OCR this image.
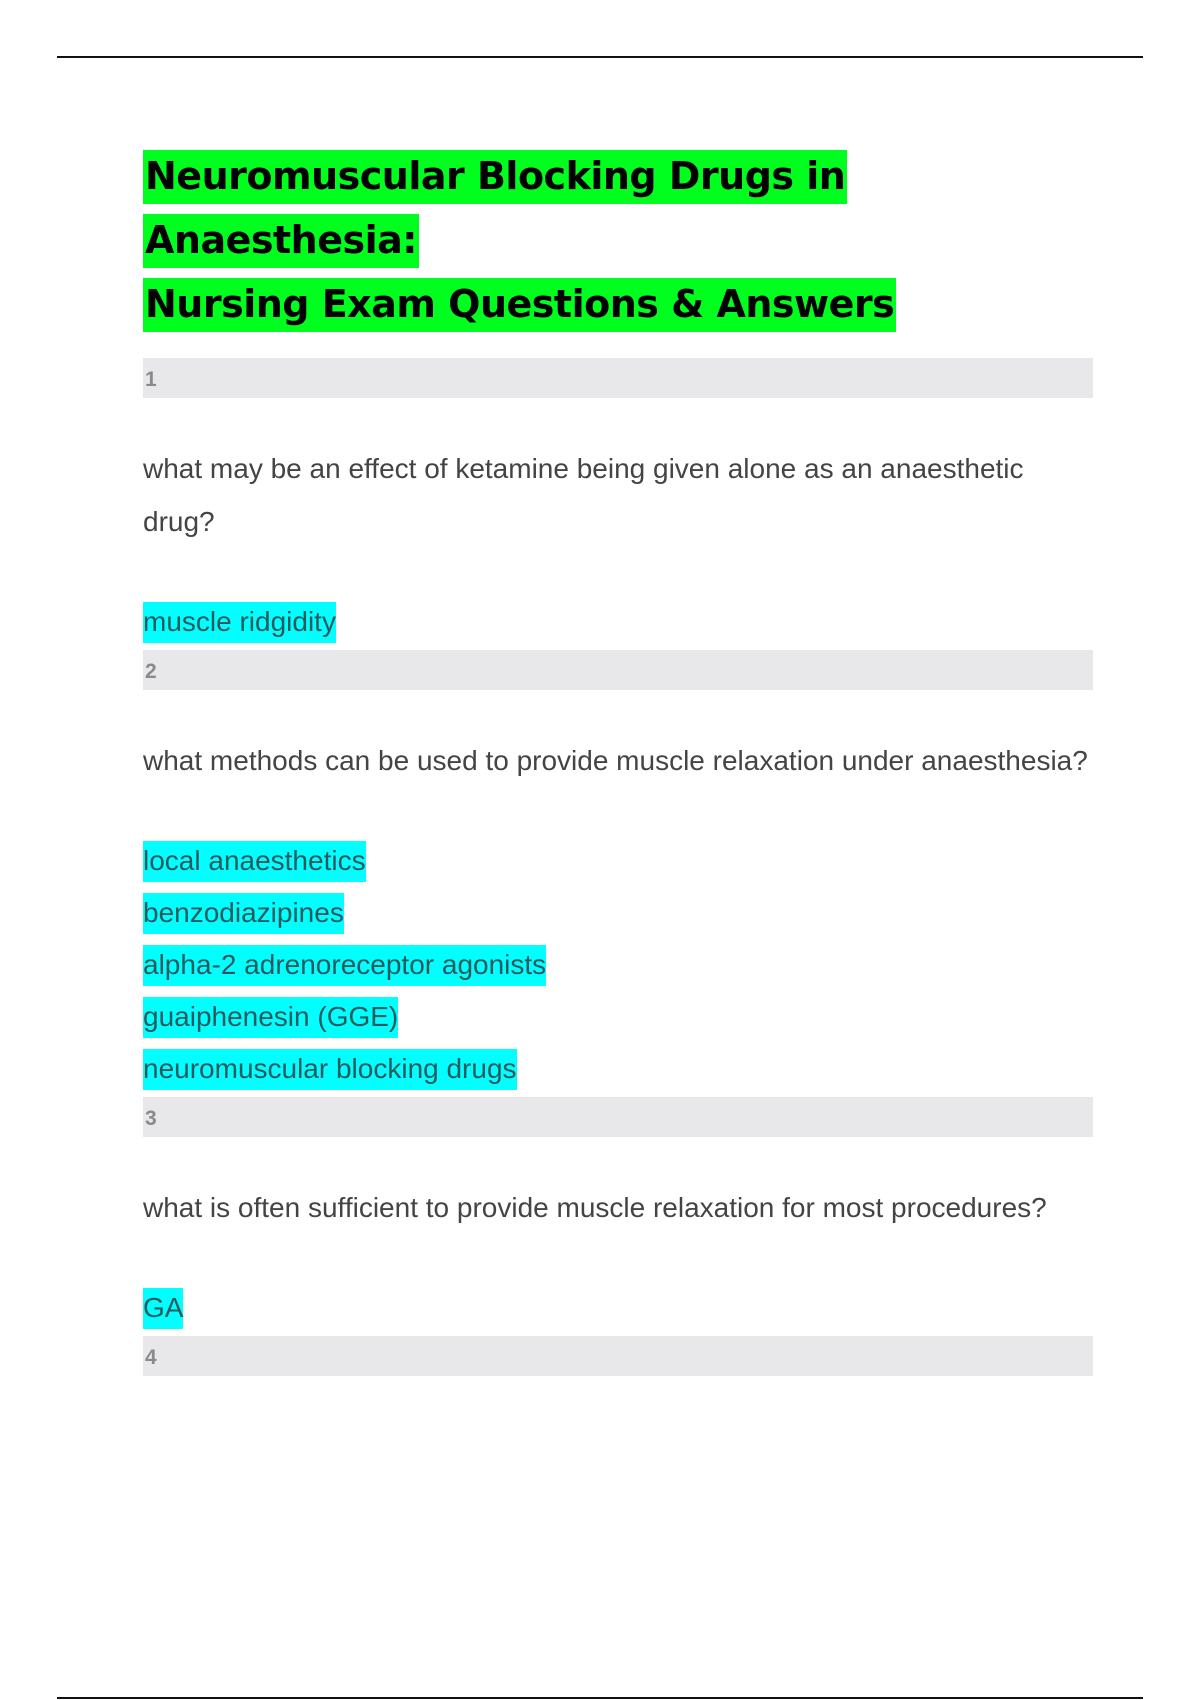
Neuromuscular Blocking Drugs in Anaesthesia:
Nursing Exam Questions & Answers
1
what may be an effect of ketamine being given alone as an anaesthetic drug?
muscle ridgidity
2
what methods can be used to provide muscle relaxation under anaesthesia?
local anaesthetics
benzodiazipines
alpha-2 adrenoreceptor agonists
guaiphenesin (GGE)
neuromuscular blocking drugs
3
what is often sufficient to provide muscle relaxation for most procedures?
GA
4
